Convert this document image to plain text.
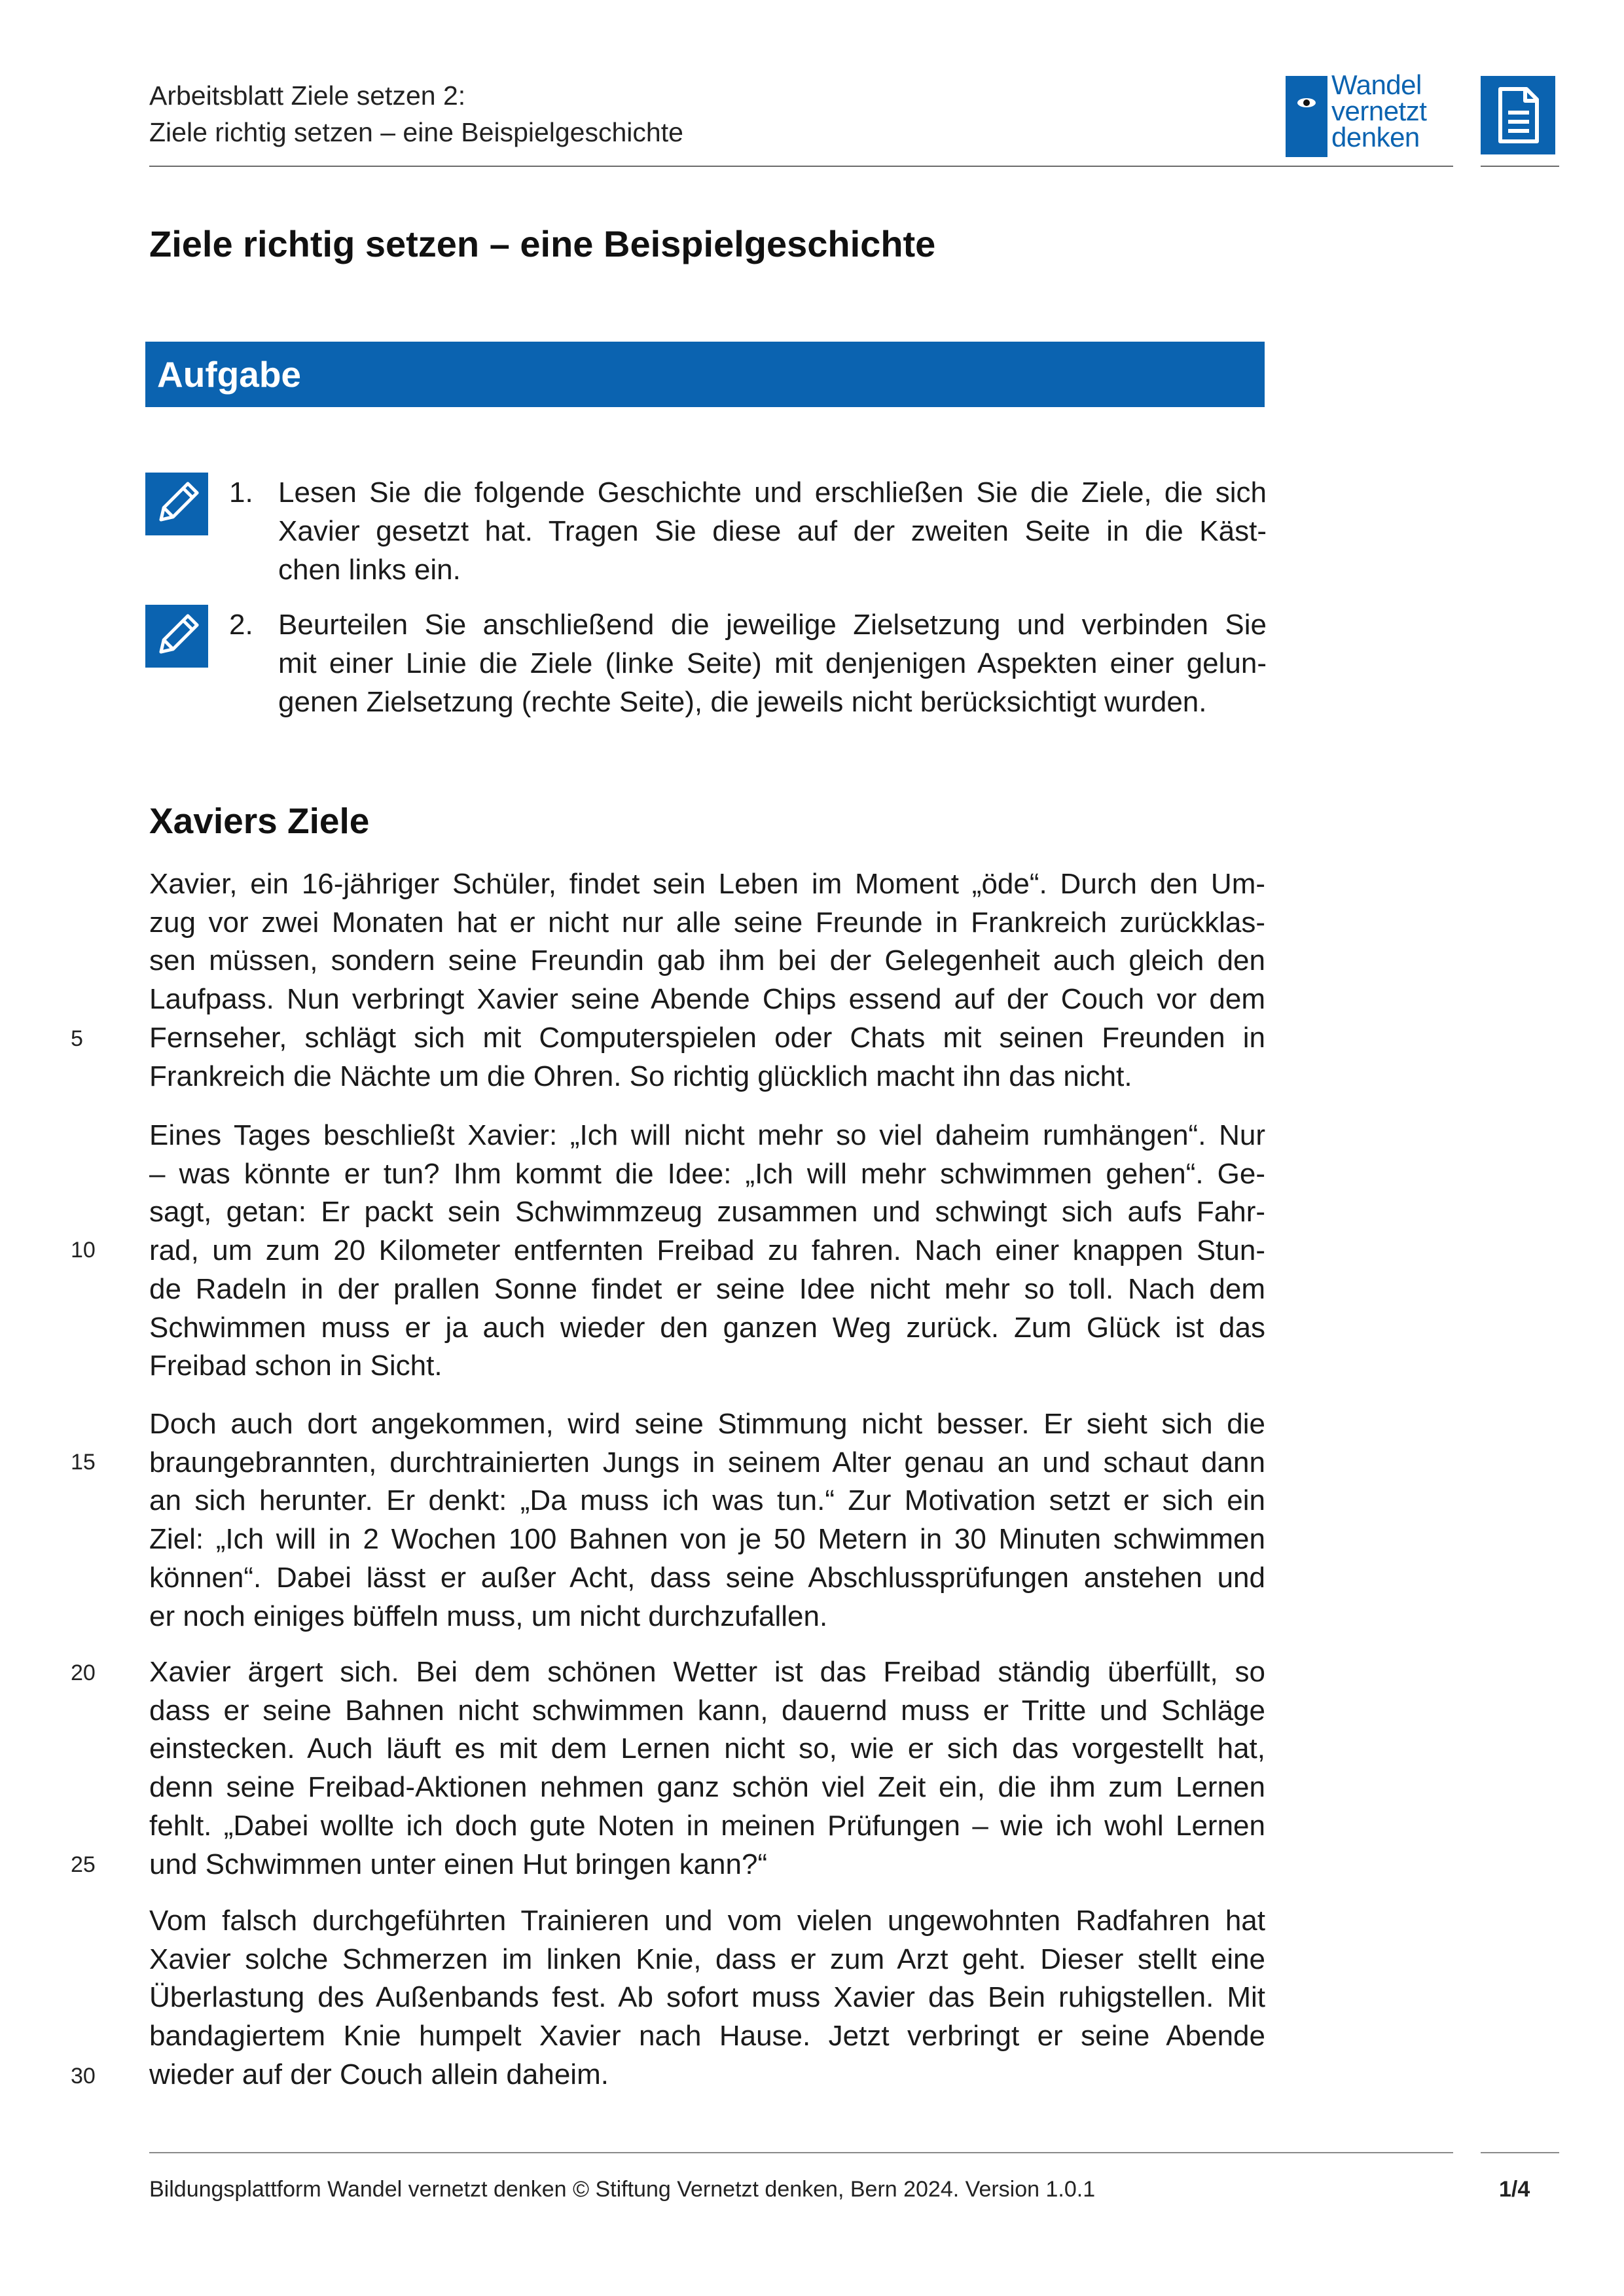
Arbeitsblatt Ziele setzen 2:
Ziele richtig setzen – eine Beispielgeschichte
Wandel
vernetzt
denken
Ziele richtig setzen – eine Beispielgeschichte
Aufgabe
1. Lesen Sie die folgende Geschichte und erschließen Sie die Ziele, die sich
Xavier gesetzt hat. Tragen Sie diese auf der zweiten Seite in die Käst-
chen links ein.
2. Beurteilen Sie anschließend die jeweilige Zielsetzung und verbinden Sie
mit einer Linie die Ziele (linke Seite) mit denjenigen Aspekten einer gelun-
genen Zielsetzung (rechte Seite), die jeweils nicht berücksichtigt wurden.
Xaviers Ziele
Xavier, ein 16-jähriger Schüler, findet sein Leben im Moment „öde“. Durch den Um-
zug vor zwei Monaten hat er nicht nur alle seine Freunde in Frankreich zurückklas-
sen müssen, sondern seine Freundin gab ihm bei der Gelegenheit auch gleich den
Laufpass. Nun verbringt Xavier seine Abende Chips essend auf der Couch vor dem
Fernseher, schlägt sich mit Computerspielen oder Chats mit seinen Freunden in
Frankreich die Nächte um die Ohren. So richtig glücklich macht ihn das nicht.
Eines Tages beschließt Xavier: „Ich will nicht mehr so viel daheim rumhängen“. Nur
– was könnte er tun? Ihm kommt die Idee: „Ich will mehr schwimmen gehen“. Ge-
sagt, getan: Er packt sein Schwimmzeug zusammen und schwingt sich aufs Fahr-
rad, um zum 20 Kilometer entfernten Freibad zu fahren. Nach einer knappen Stun-
de Radeln in der prallen Sonne findet er seine Idee nicht mehr so toll. Nach dem
Schwimmen muss er ja auch wieder den ganzen Weg zurück. Zum Glück ist das
Freibad schon in Sicht.
Doch auch dort angekommen, wird seine Stimmung nicht besser. Er sieht sich die
braungebrannten, durchtrainierten Jungs in seinem Alter genau an und schaut dann
an sich herunter. Er denkt: „Da muss ich was tun.“ Zur Motivation setzt er sich ein
Ziel: „Ich will in 2 Wochen 100 Bahnen von je 50 Metern in 30 Minuten schwimmen
können“. Dabei lässt er außer Acht, dass seine Abschlussprüfungen anstehen und
er noch einiges büffeln muss, um nicht durchzufallen.
Xavier ärgert sich. Bei dem schönen Wetter ist das Freibad ständig überfüllt, so
dass er seine Bahnen nicht schwimmen kann, dauernd muss er Tritte und Schläge
einstecken. Auch läuft es mit dem Lernen nicht so, wie er sich das vorgestellt hat,
denn seine Freibad-Aktionen nehmen ganz schön viel Zeit ein, die ihm zum Lernen
fehlt. „Dabei wollte ich doch gute Noten in meinen Prüfungen – wie ich wohl Lernen
und Schwimmen unter einen Hut bringen kann?“
Vom falsch durchgeführten Trainieren und vom vielen ungewohnten Radfahren hat
Xavier solche Schmerzen im linken Knie, dass er zum Arzt geht. Dieser stellt eine
Überlastung des Außenbands fest. Ab sofort muss Xavier das Bein ruhigstellen. Mit
bandagiertem Knie humpelt Xavier nach Hause. Jetzt verbringt er seine Abende
wieder auf der Couch allein daheim.
5
10
15
20
25
30
Bildungsplattform Wandel vernetzt denken © Stiftung Vernetzt denken, Bern 2024. Version 1.0.1	1/4
